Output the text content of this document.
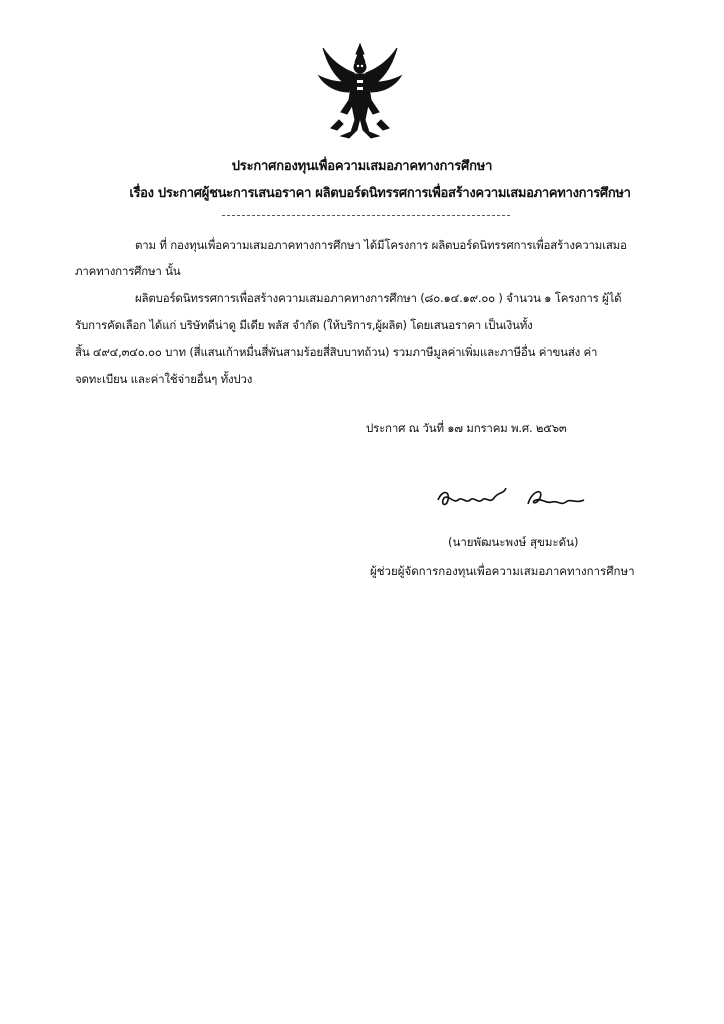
ประกาศกองทุนเพื่อความเสมอภาคทางการศึกษา
เรื่อง ประกาศผู้ชนะการเสนอราคา ผลิตบอร์ดนิทรรศการเพื่อสร้างความเสมอภาคทางการศึกษา
ตาม ที่ กองทุนเพื่อความเสมอภาคทางการศึกษา ได้มีโครงการ ผลิตบอร์ดนิทรรศการเพื่อสร้างความเสมอ
ภาคทางการศึกษา นั้น
ผลิตบอร์ดนิทรรศการเพื่อสร้างความเสมอภาคทางการศึกษา (๘๐.๑๔.๑๙.๐๐ ) จำนวน ๑ โครงการ ผู้ได้
รับการคัดเลือก ได้แก่ บริษัทดีน่าดู มีเดีย พลัส จำกัด (ให้บริการ,ผู้ผลิต) โดยเสนอราคา เป็นเงินทั้ง
สิ้น ๔๙๔,๓๔๐.๐๐ บาท (สี่แสนเก้าหมื่นสี่พันสามร้อยสี่สิบบาทถ้วน) รวมภาษีมูลค่าเพิ่มและภาษีอื่น ค่าขนส่ง ค่า
จดทะเบียน และค่าใช้จ่ายอื่นๆ ทั้งปวง
ประกาศ ณ วันที่ ๑๗ มกราคม พ.ศ. ๒๕๖๓
(นายพัฒนะพงษ์ สุขมะดัน)
ผู้ช่วยผู้จัดการกองทุนเพื่อความเสมอภาคทางการศึกษา
